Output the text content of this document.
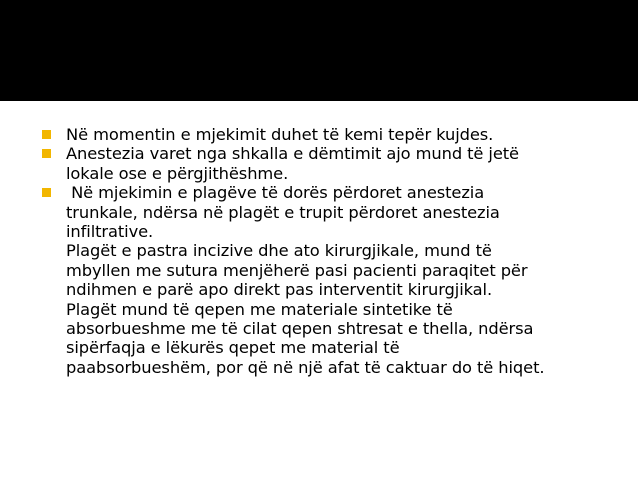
Në momentin e mjekimit duhet të kemi tepër kujdes.
Anestezia varet nga shkalla e dëmtimit ajo mund të jetë
lokale ose e përgjithëshme.
Në mjekimin e plagëve të dorës përdoret anestezia
trunkale, ndërsa në plagët e trupit përdoret anestezia
infiltrative.
Plagët e pastra incizive dhe ato kirurgjikale, mund të
mbyllen me sutura menjëherë pasi pacienti paraqitet për
ndihmen e parë apo direkt pas interventit kirurgjikal.
Plagët mund të qepen me materiale sintetike të
absorbueshme me të cilat qepen shtresat e thella, ndërsa
sipërfaqja e lëkurës qepet me material të
paabsorbueshëm, por që në një afat të caktuar do të hiqet.
